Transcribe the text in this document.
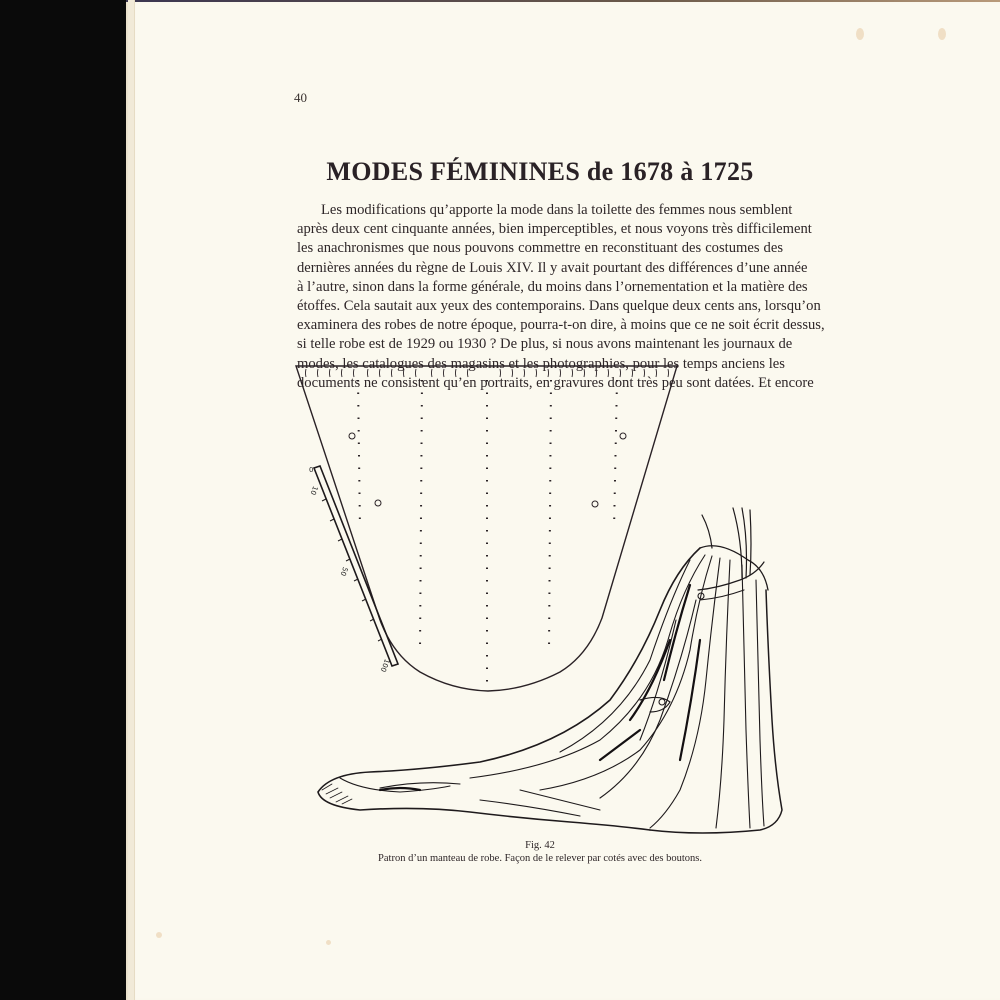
40
MODES FÉMININES de 1678 à 1725
Les modifications qu’apporte la mode dans la toilette des femmes nous semblent
après deux cent cinquante années, bien imperceptibles, et nous voyons très difficilement
les anachronismes que nous pouvons commettre en reconstituant des costumes des
dernières années du règne de Louis XIV. Il y avait pourtant des différences d’une année
à l’autre, sinon dans la forme générale, du moins dans l’ornementation et la matière des
étoffes. Cela sautait aux yeux des contemporains. Dans quelque deux cents ans, lorsqu’on
examinera des robes de notre époque, pourra-t-on dire, à moins que ce ne soit écrit dessus,
si telle robe est de 1929 ou 1930 ? De plus, si nous avons maintenant les journaux de
modes, les catalogues des magasins et les photographies, pour les temps anciens les
documents ne consistent qu’en portraits, en gravures dont très peu sont datées. Et encore
0
10
50
100
Fig. 42
Patron d’un manteau de robe. Façon de le relever par cotés avec des boutons.
